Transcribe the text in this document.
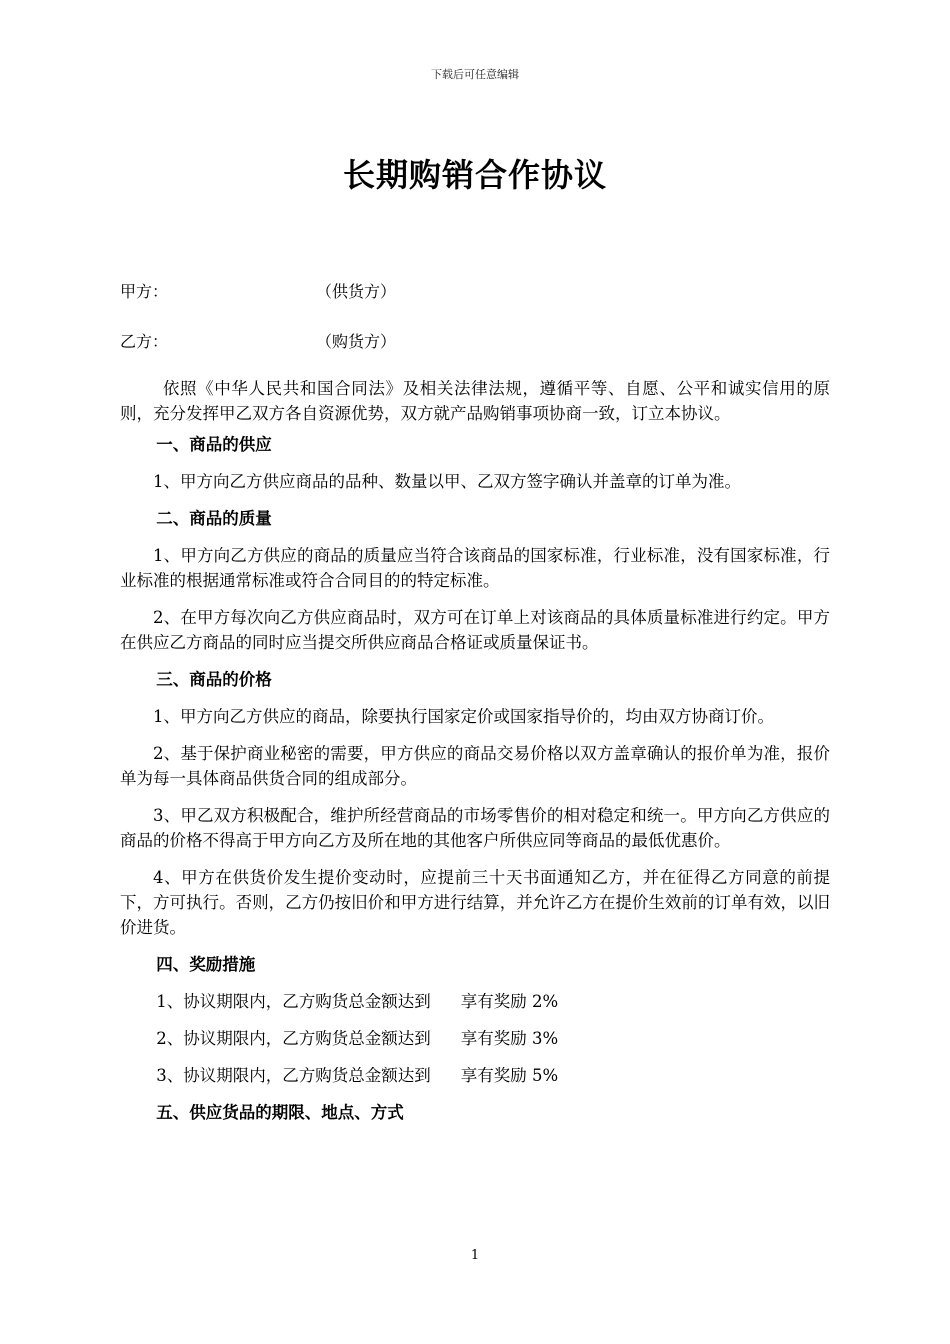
下载后可任意编辑
长期购销合作协议
甲方：	（供货方）
乙方：	（购货方）

依照《中华人民共和国合同法》及相关法律法规，遵循平等、自愿、公平和诚实信用的原则，充分发挥甲乙双方各自资源优势，双方就产品购销事项协商一致，订立本协议。

一、商品的供应

1、甲方向乙方供应商品的品种、数量以甲、乙双方签字确认并盖章的订单为准。

二、商品的质量

1、甲方向乙方供应的商品的质量应当符合该商品的国家标准，行业标准，没有国家标准，行业标准的根据通常标准或符合合同目的的特定标准。

2、在甲方每次向乙方供应商品时，双方可在订单上对该商品的具体质量标准进行约定。甲方在供应乙方商品的同时应当提交所供应商品合格证或质量保证书。

三、商品的价格

1、甲方向乙方供应的商品，除要执行国家定价或国家指导价的，均由双方协商订价。

2、基于保护商业秘密的需要，甲方供应的商品交易价格以双方盖章确认的报价单为准，报价单为每一具体商品供货合同的组成部分。

3、甲乙双方积极配合，维护所经营商品的市场零售价的相对稳定和统一。甲方向乙方供应的商品的价格不得高于甲方向乙方及所在地的其他客户所供应同等商品的最低优惠价。

4、甲方在供货价发生提价变动时，应提前三十天书面通知乙方，并在征得乙方同意的前提下，方可执行。否则，乙方仍按旧价和甲方进行结算，并允许乙方在提价生效前的订单有效，以旧价进货。

四、奖励措施
1、协议期限内，乙方购货总金额达到 享有奖励 2%
2、协议期限内，乙方购货总金额达到 享有奖励 3%
3、协议期限内，乙方购货总金额达到 享有奖励 5%
五、供应货品的期限、地点、方式
1
